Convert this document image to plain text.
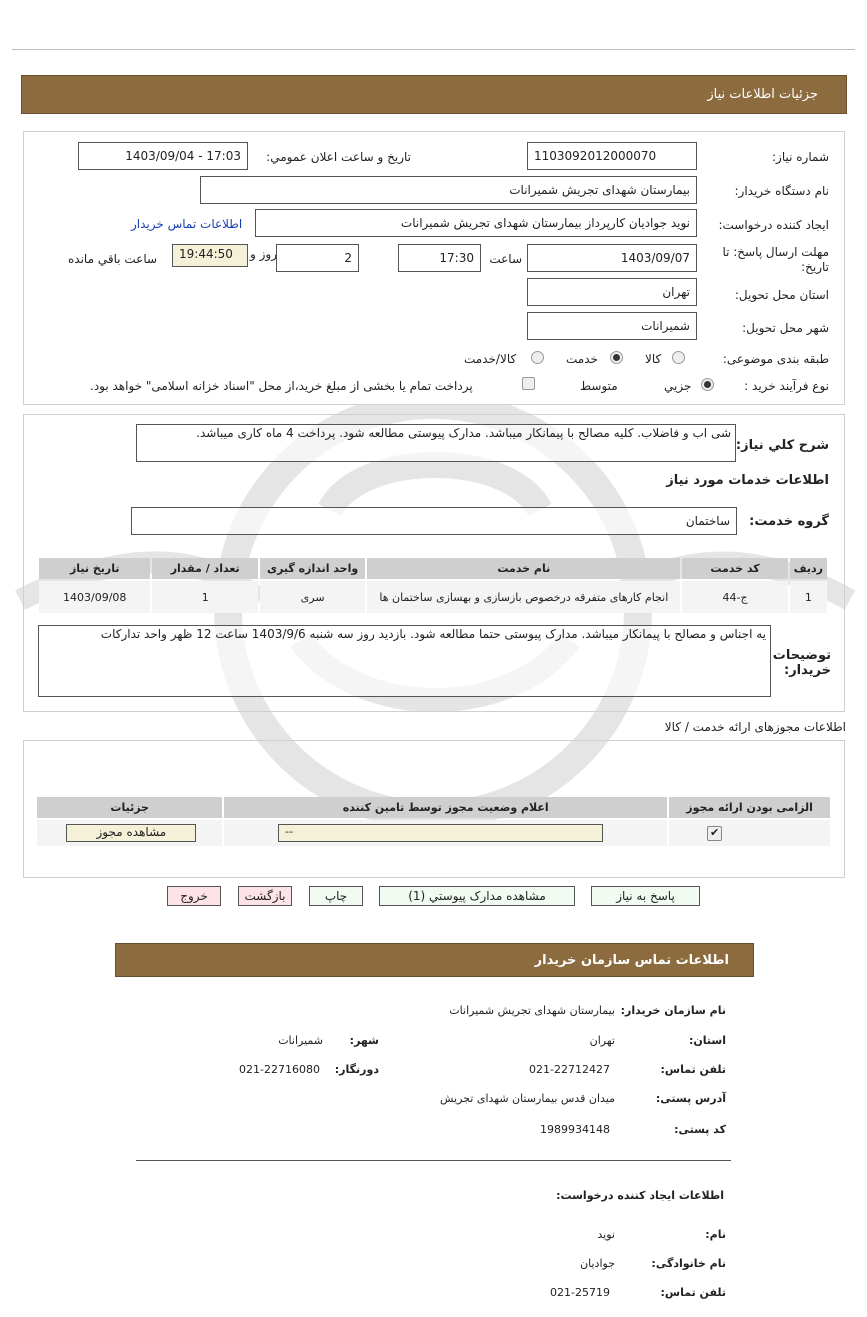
جزئیات اطلاعات نیاز
شماره نیاز:
1103092012000070
تاریخ و ساعت اعلان عمومي:
1403/09/04 - 17:03
نام دستگاه خریدار:
بیمارستان شهدای تجریش شمیرانات
ایجاد کننده درخواست:
نوید جوادیان کارپرداز بیمارستان شهدای تجریش شمیرانات
اطلاعات تماس خریدار
مهلت ارسال پاسخ: تا
تاریخ:
1403/09/07
ساعت
17:30
2
روز و
19:44:50
ساعت باقي مانده
استان محل تحویل:
تهران
شهر محل تحویل:
شمیرانات
طبقه بندی موضوعی:
کالا
خدمت
کالا/خدمت
نوع فرآیند خرید :
جزيي
متوسط
پرداخت تمام یا بخشی از مبلغ خرید،از محل "اسناد خزانه اسلامی" خواهد بود.
شرح كلي نياز:
شی اب و فاضلاب. کلیه مصالح با پیمانکار میباشد. مدارک پیوستی مطالعه شود. پرداخت 4 ماه کاری میباشد.
اطلاعات خدمات مورد نیاز
گروه خدمت:
ساختمان
ردیف	کد خدمت	نام خدمت	واحد اندازه گیری	تعداد / مقدار	تاریخ نیاز
1	ج-44	انجام کارهای متفرقه درخصوص بازسازی و بهسازی ساختمان ها	سری	1	1403/09/08
توضیحات خریدار:
یه اجناس و مصالح با پیمانکار میباشد. مدارک پیوستی حتما مطالعه شود. بازدید روز سه شنبه 1403/9/6 ساعت 12 ظهر واحد تدارکات
اطلاعات مجوزهای ارائه خدمت / کالا
الزامی بودن ارائه مجوز	اعلام وضعیت مجوز توسط تامین کننده	جزئیات
✔	--	مشاهده مجوز
پاسخ به نیاز
مشاهده مدارک پیوستي (1)
چاپ
بازگشت
خروج
اطلاعات تماس سازمان خریدار
نام سازمان خریدار:
بیمارستان شهدای تجریش شمیرانات
استان:
تهران
شهر:
شمیرانات
تلفن تماس:
021-22712427
دورنگار:
021-22716080
آدرس پستی:
میدان قدس بیمارستان شهدای تجریش
کد پستی:
1989934148
اطلاعات ایجاد کننده درخواست:
نام:
نوید
نام خانوادگی:
جوادیان
تلفن تماس:
021-25719
